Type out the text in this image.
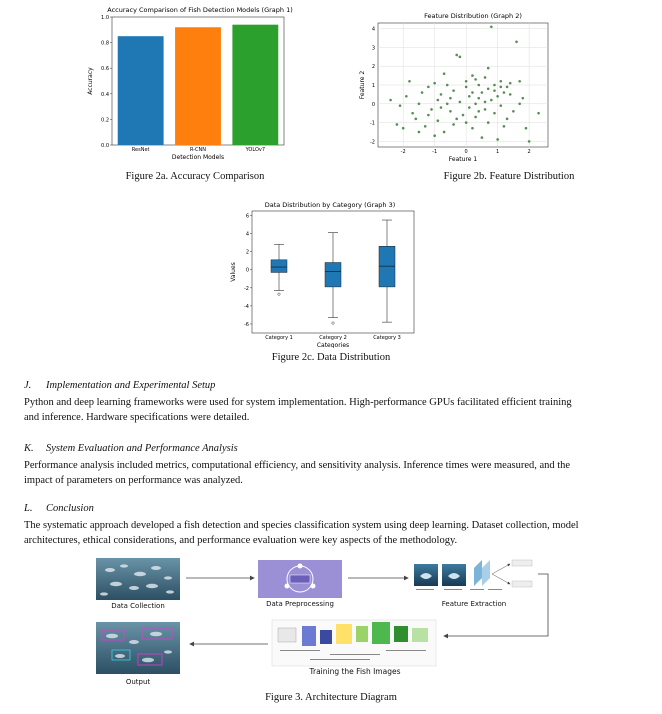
Accuracy Comparison of Fish Detection Models (Graph 1)
0.0
0.2
0.4
0.6
0.8
1.0
ResNet	R-CNN	YOLOv7
Detection Models
Accuracy
Figure 2a. Accuracy Comparison
Feature Distribution (Graph 2)
-2	-1	0	1	2
-2
-1
0
1
2
3
4
Feature 1
Feature 2
Figure 2b. Feature Distribution
Data Distribution by Category (Graph 3)
-6
-4
-2
0
2
4
6
Category 1	Category 2	Category 3
Categories
Values
Figure 2c. Data Distribution
J. Implementation and Experimental Setup
Python and deep learning frameworks were used for system implementation. High-performance GPUs facilitated efficient training
and inference. Hardware specifications were detailed.
K. System Evaluation and Performance Analysis
Performance analysis included metrics, computational efficiency, and sensitivity analysis. Inference times were measured, and the
impact of parameters on performance was analyzed.
L. Conclusion
The systematic approach developed a fish detection and species classification system using deep learning. Dataset collection, model
architectures, ethical considerations, and performance evaluation were key aspects of the methodology.
Data Collection	Data Preprocessing	Feature Extraction
Training the Fish Images
Output
Figure 3. Architecture Diagram
